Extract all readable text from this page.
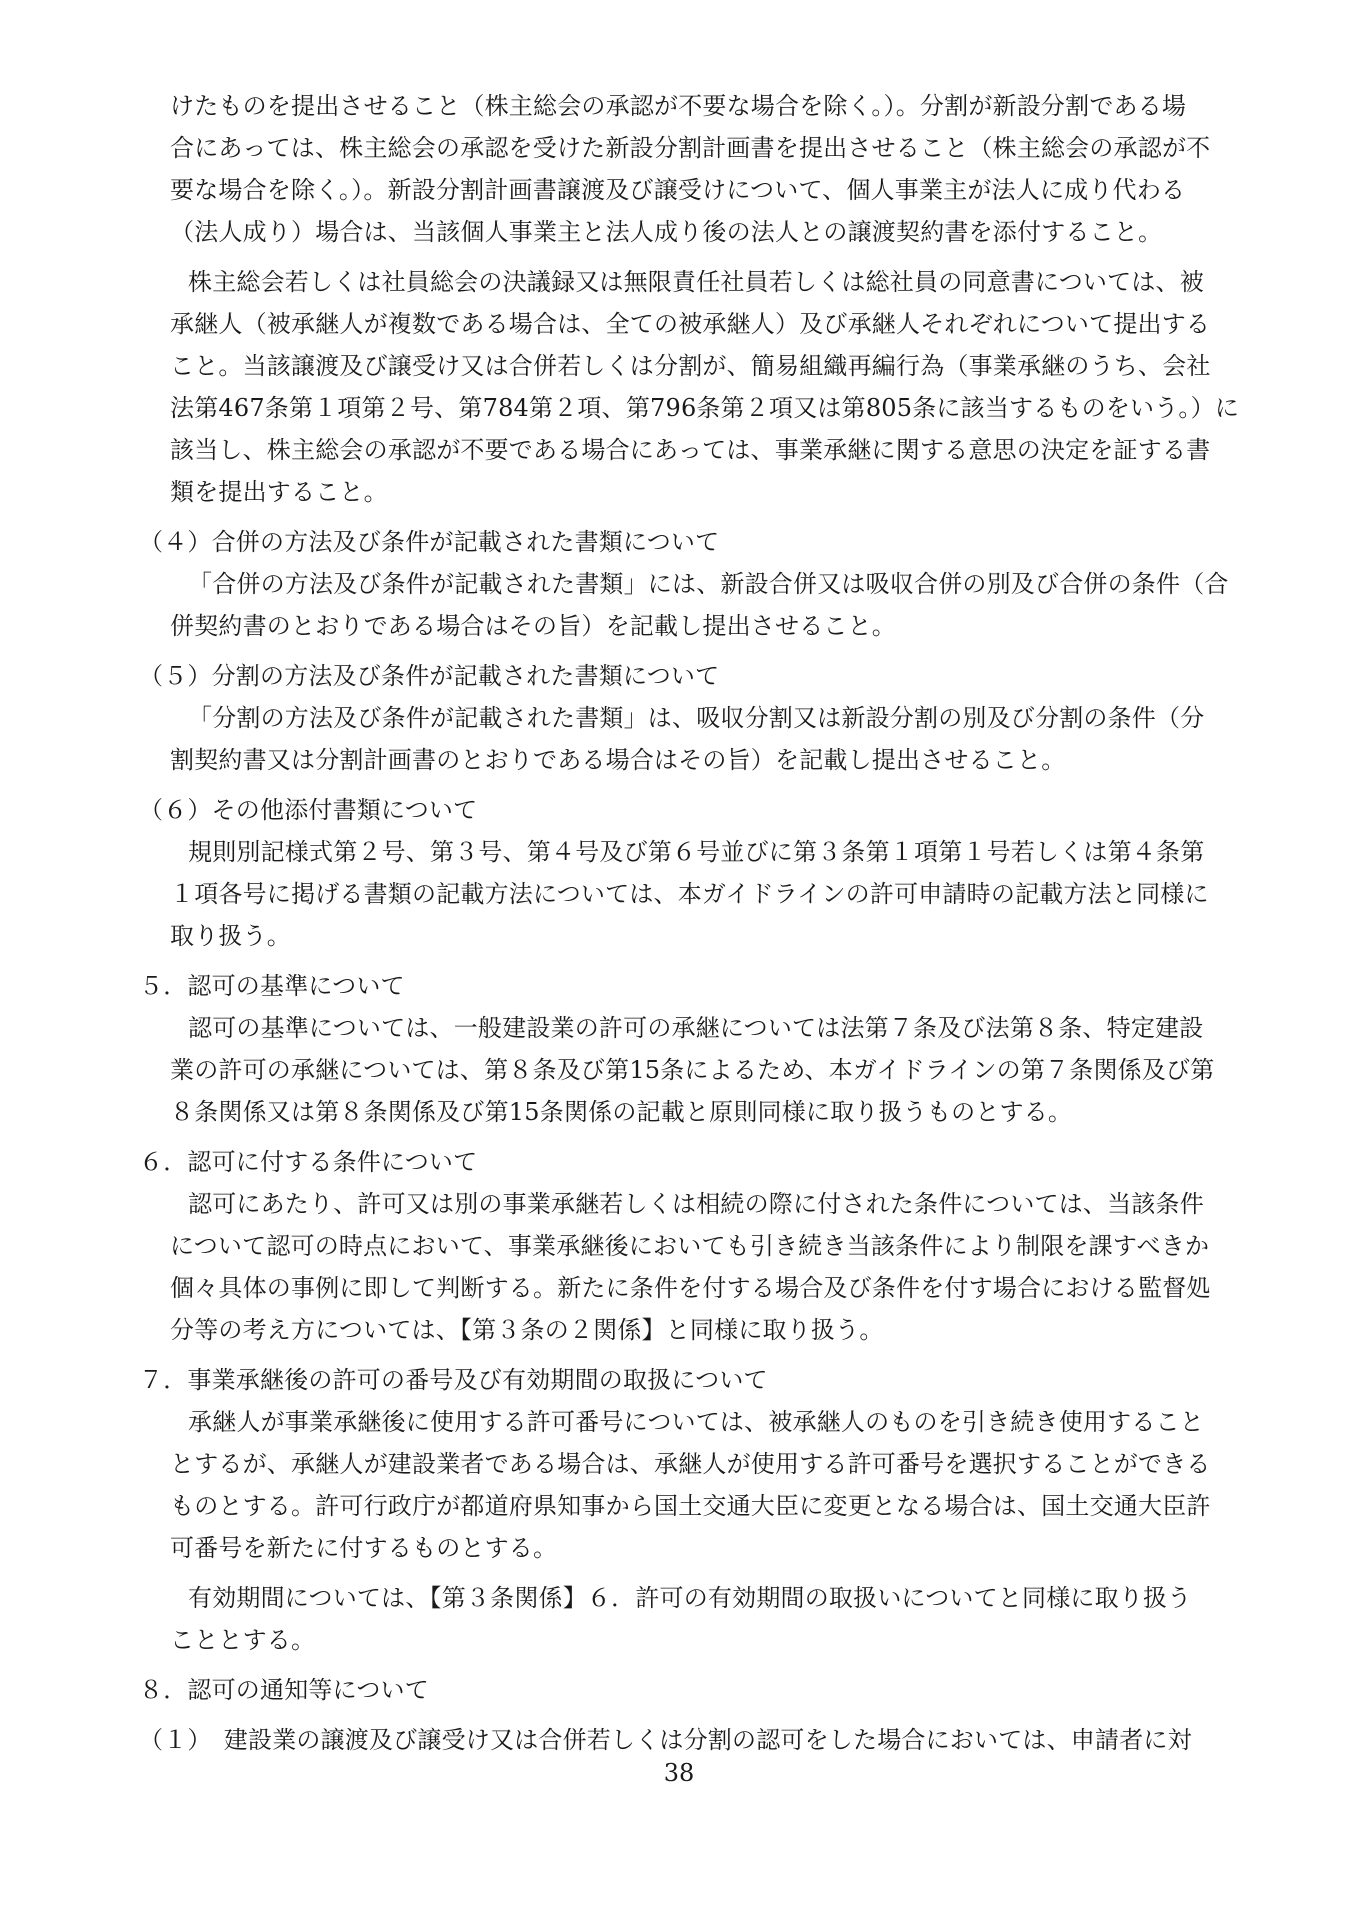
けたものを提出させること（株主総会の承認が不要な場合を除く。）。分割が新設分割である場
合にあっては、株主総会の承認を受けた新設分割計画書を提出させること（株主総会の承認が不
要な場合を除く。）。新設分割計画書譲渡及び譲受けについて、個人事業主が法人に成り代わる
（法人成り）場合は、当該個人事業主と法人成り後の法人との譲渡契約書を添付すること。
株主総会若しくは社員総会の決議録又は無限責任社員若しくは総社員の同意書については、被
承継人（被承継人が複数である場合は、全ての被承継人）及び承継人それぞれについて提出する
こと。当該譲渡及び譲受け又は合併若しくは分割が、簡易組織再編行為（事業承継のうち、会社
法第467条第１項第２号、第784第２項、第796条第２項又は第805条に該当するものをいう。）に
該当し、株主総会の承認が不要である場合にあっては、事業承継に関する意思の決定を証する書
類を提出すること。
（４）合併の方法及び条件が記載された書類について
「合併の方法及び条件が記載された書類」には、新設合併又は吸収合併の別及び合併の条件（合
併契約書のとおりである場合はその旨）を記載し提出させること。
（５）分割の方法及び条件が記載された書類について
「分割の方法及び条件が記載された書類」は、吸収分割又は新設分割の別及び分割の条件（分
割契約書又は分割計画書のとおりである場合はその旨）を記載し提出させること。
（６）その他添付書類について
規則別記様式第２号、第３号、第４号及び第６号並びに第３条第１項第１号若しくは第４条第
１項各号に掲げる書類の記載方法については、本ガイドラインの許可申請時の記載方法と同様に
取り扱う。
５．認可の基準について
認可の基準については、一般建設業の許可の承継については法第７条及び法第８条、特定建設
業の許可の承継については、第８条及び第15条によるため、本ガイドラインの第７条関係及び第
８条関係又は第８条関係及び第15条関係の記載と原則同様に取り扱うものとする。
６．認可に付する条件について
認可にあたり、許可又は別の事業承継若しくは相続の際に付された条件については、当該条件
について認可の時点において、事業承継後においても引き続き当該条件により制限を課すべきか
個々具体の事例に即して判断する。新たに条件を付する場合及び条件を付す場合における監督処
分等の考え方については、【第３条の２関係】と同様に取り扱う。
７．事業承継後の許可の番号及び有効期間の取扱について
承継人が事業承継後に使用する許可番号については、被承継人のものを引き続き使用すること
とするが、承継人が建設業者である場合は、承継人が使用する許可番号を選択することができる
ものとする。許可行政庁が都道府県知事から国土交通大臣に変更となる場合は、国土交通大臣許
可番号を新たに付するものとする。
有効期間については、【第３条関係】６．許可の有効期間の取扱いについてと同様に取り扱う
こととする。
８．認可の通知等について
（１）　建設業の譲渡及び譲受け又は合併若しくは分割の認可をした場合においては、申請者に対
38
